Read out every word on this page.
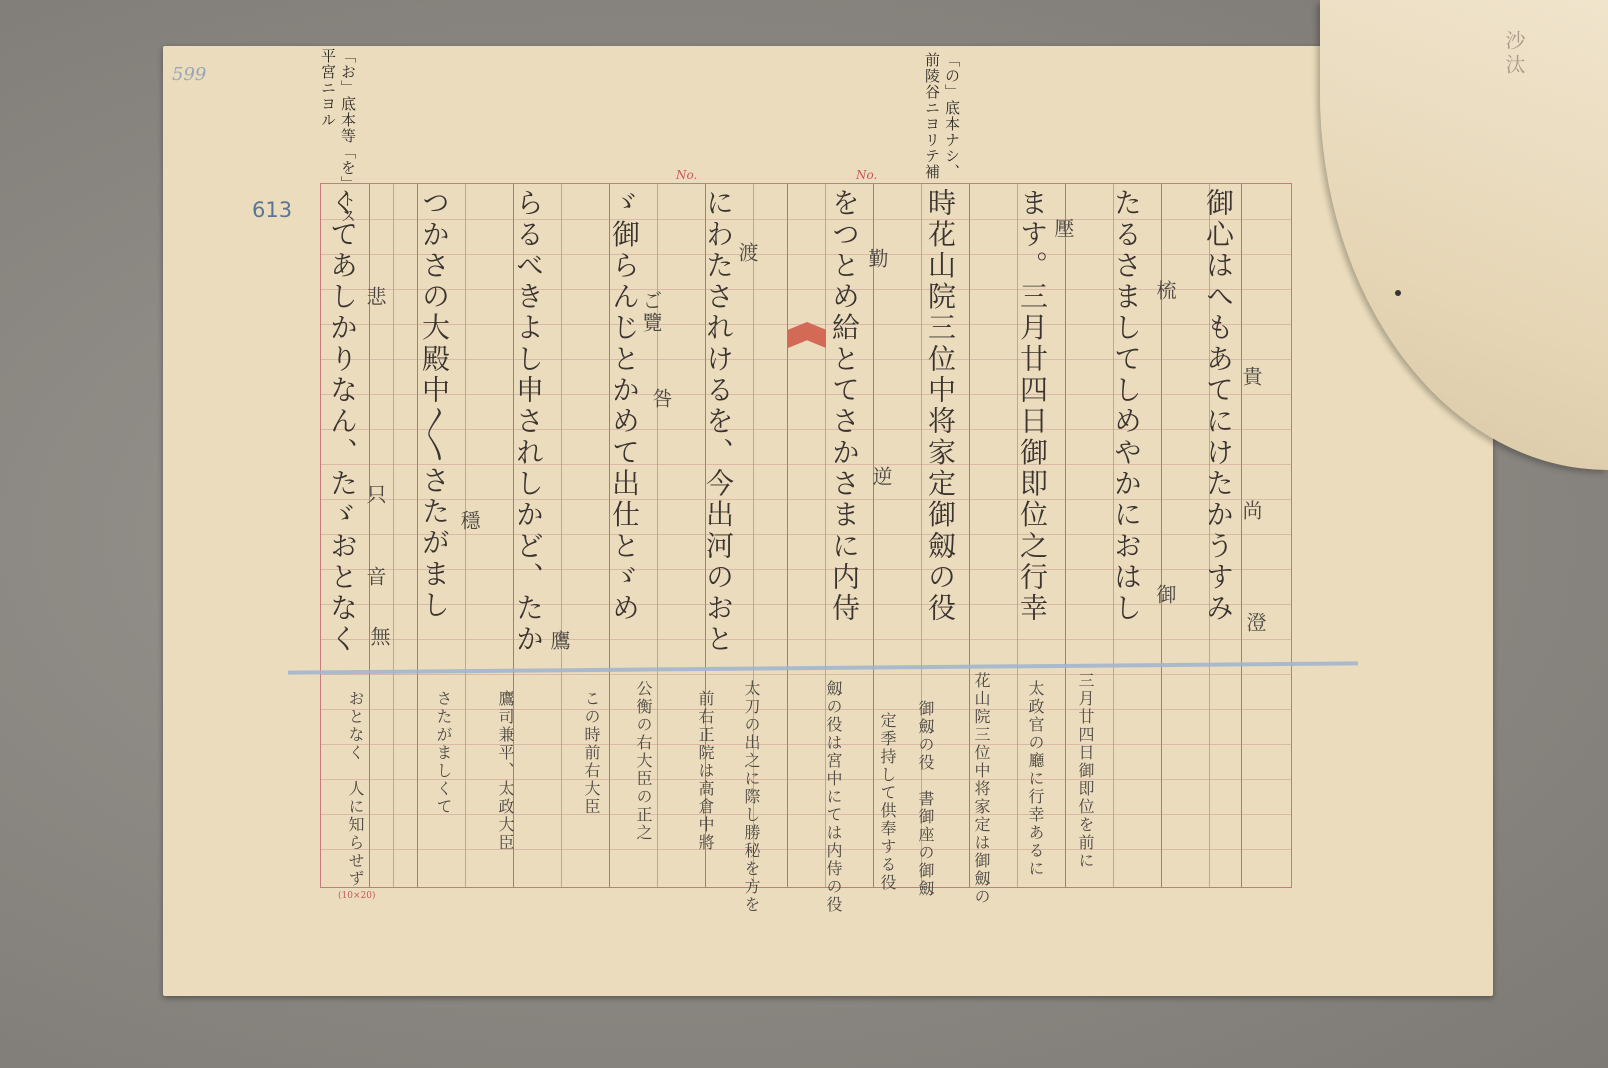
沙汰
599
613	「お」底本等「を」トス、平宮ニヨル	「の」底本ナシ、前陵谷ニヨリテ補
No.	No.
御心はへもあてにけたかうすみ
たるさましてしめやかにおはし
ます。三月廿四日御即位之行幸
時花山院三位中将家定御劔の役
をつとめ給とてさかさまに内侍
にわたされけるを、今出河のおと
ゞ御らんじとかめて出仕とゞめ
らるべきよし申されしかど、たか
つかさの大殿中〳〵さたがまし
くてあしかりなん、たゞおとなく	貴
尚
澄
梳
御
壓
勤
逆
渡
ご覽
咎
鷹
穩
悲
只
音
無
三月廿四日御即位を前に
太政官の廳に行幸あるに
花山院三位中将家定は御劔の
御劔の役　書御座の御劔
定季持して供奉する役
劔の役は宮中にては内侍の役
太刀の出之に際し勝秘を方を
前右正院は高倉中將
公衡の右大臣の正之
この時前右大臣
鷹司兼平、太政大臣
さたがましくて
おとなく　人に知らせず
(10×20)
